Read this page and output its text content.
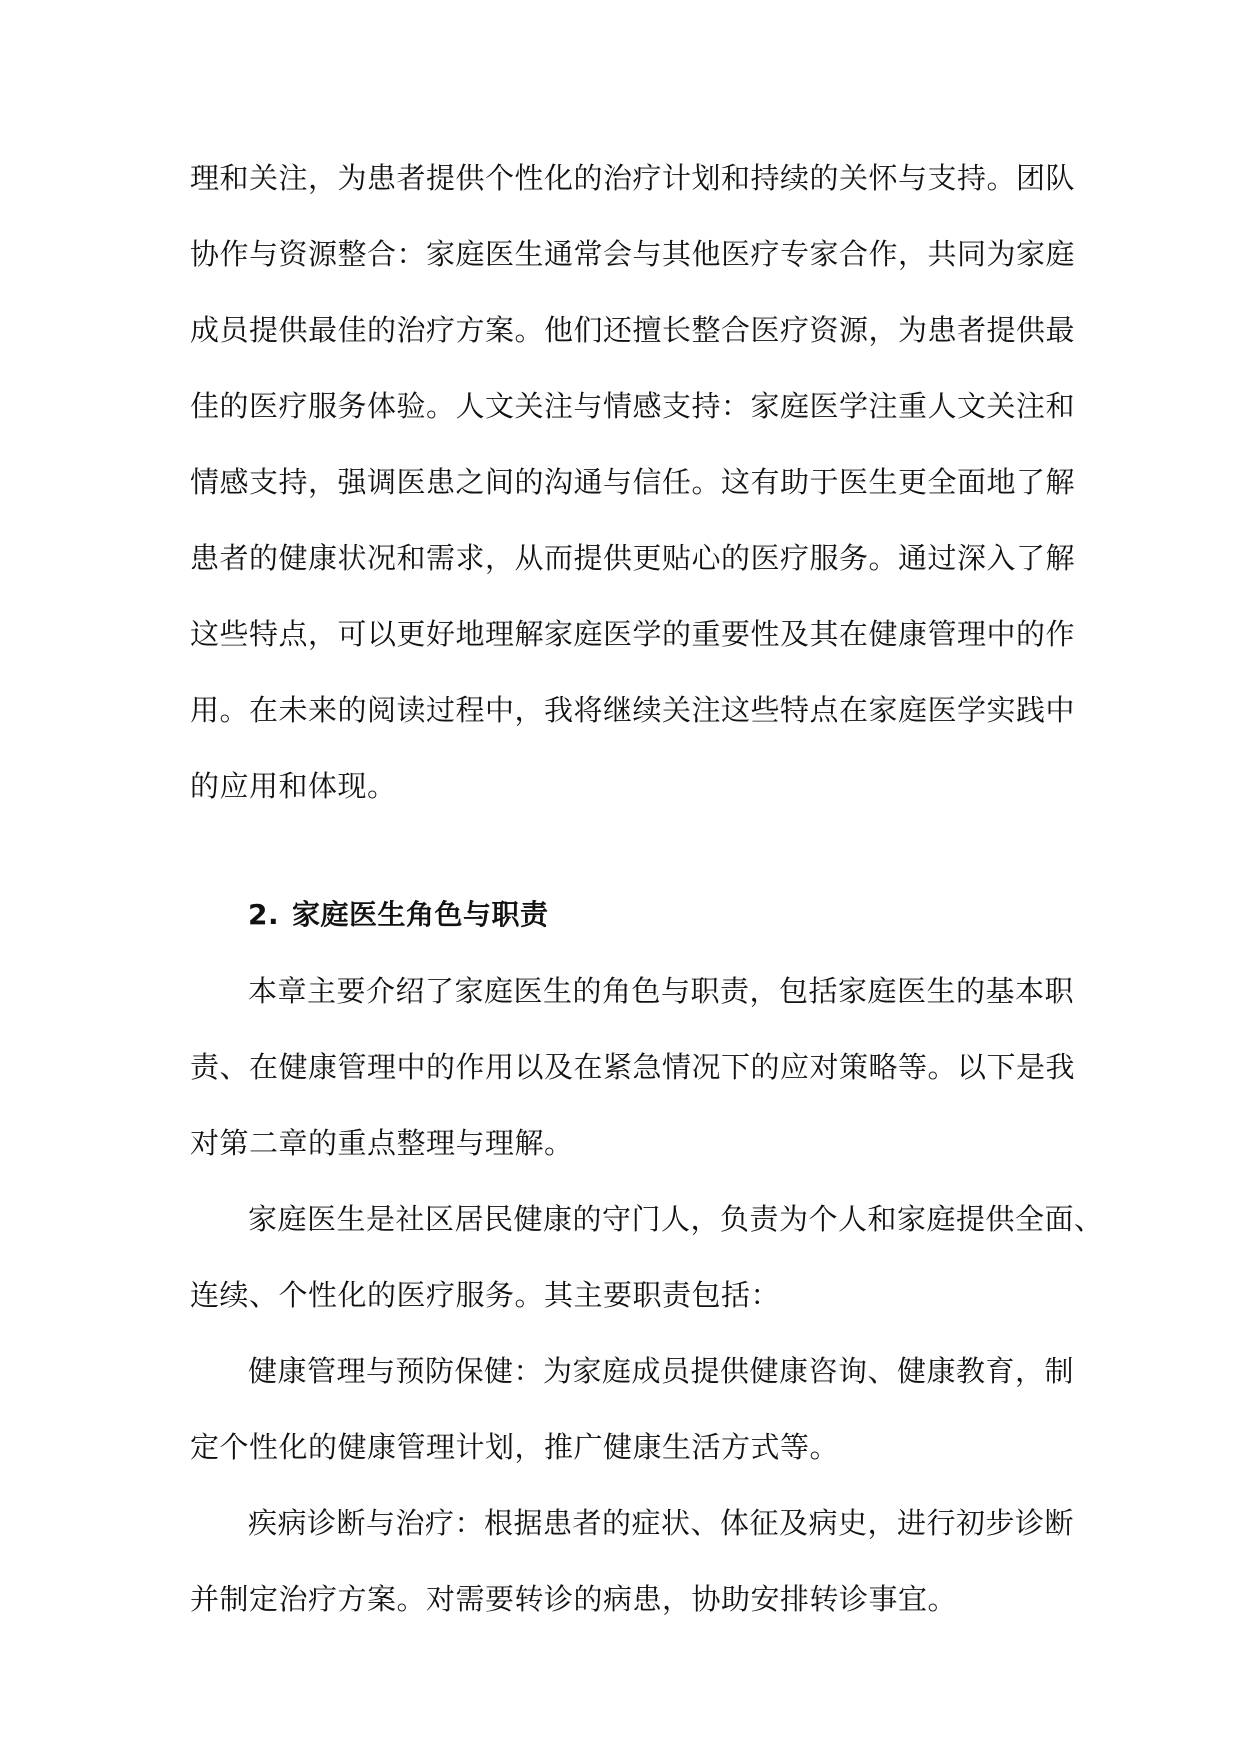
理和关注，为患者提供个性化的治疗计划和持续的关怀与支持。团队
协作与资源整合：家庭医生通常会与其他医疗专家合作，共同为家庭
成员提供最佳的治疗方案。他们还擅长整合医疗资源，为患者提供最
佳的医疗服务体验。人文关注与情感支持：家庭医学注重人文关注和
情感支持，强调医患之间的沟通与信任。这有助于医生更全面地了解
患者的健康状况和需求，从而提供更贴心的医疗服务。通过深入了解
这些特点，可以更好地理解家庭医学的重要性及其在健康管理中的作
用。在未来的阅读过程中，我将继续关注这些特点在家庭医学实践中
的应用和体现。
2. 家庭医生角色与职责
本章主要介绍了家庭医生的角色与职责，包括家庭医生的基本职
责、在健康管理中的作用以及在紧急情况下的应对策略等。以下是我
对第二章的重点整理与理解。
家庭医生是社区居民健康的守门人，负责为个人和家庭提供全面、
连续、个性化的医疗服务。其主要职责包括：
健康管理与预防保健：为家庭成员提供健康咨询、健康教育，制
定个性化的健康管理计划，推广健康生活方式等。
疾病诊断与治疗：根据患者的症状、体征及病史，进行初步诊断
并制定治疗方案。对需要转诊的病患，协助安排转诊事宜。
